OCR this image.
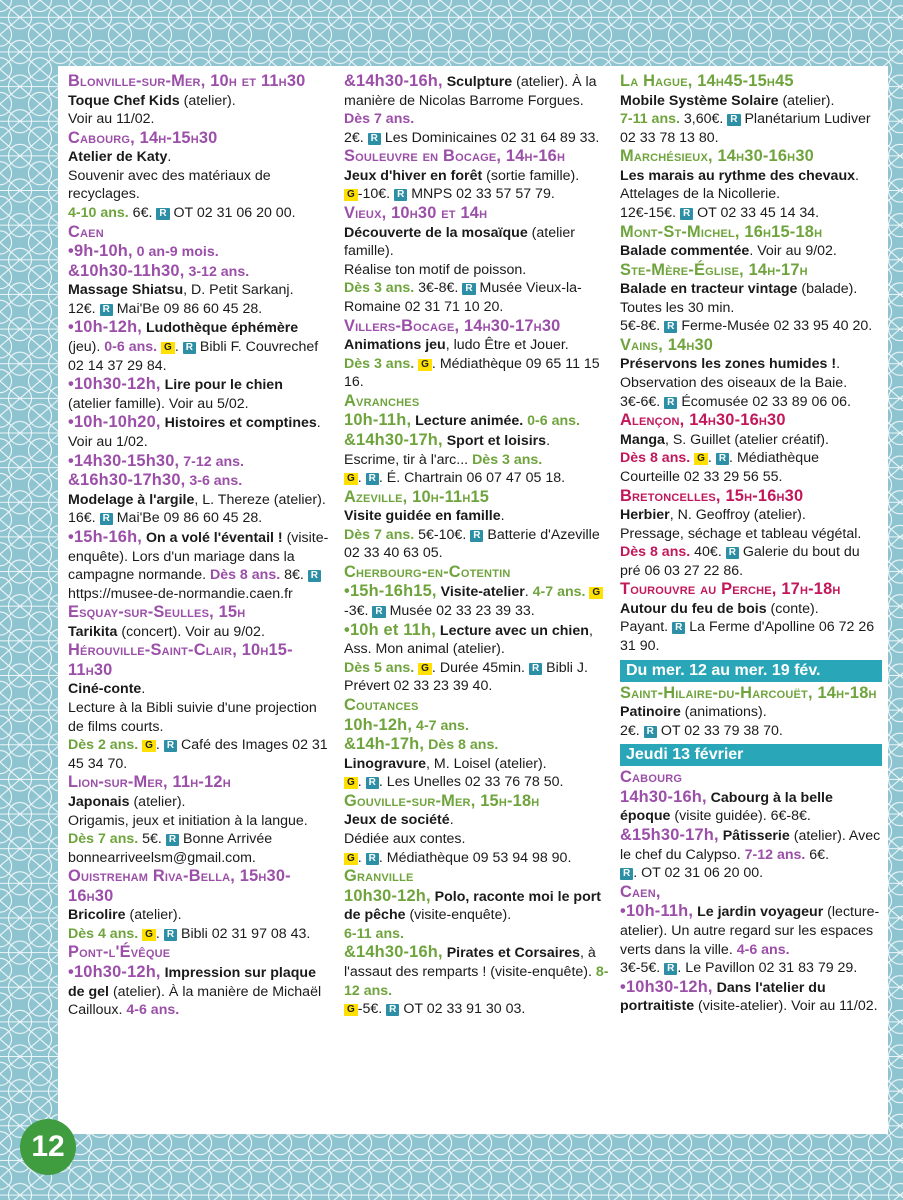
Blonville-sur-Mer, 10h et 11h30

Toque Chef Kids (atelier).

Voir au 11/02.

Cabourg, 14h-15h30

Atelier de Katy.

Souvenir avec des matériaux de recyclages.

4-10 ans. 6€. R OT 02 31 06 20 00.

Caen

•9h-10h, 0 an-9 mois.

&10h30-11h30, 3-12 ans.

Massage Shiatsu, D. Petit Sarkanj.

12€. R Mai'Be 09 86 60 45 28.

•10h-12h, Ludothèque éphémère (jeu). 0-6 ans. G . R Bibli F. Couvrechef 02 14 37 29 84.

•10h30-12h, Lire pour le chien (atelier famille). Voir au 5/02.

•10h-10h20, Histoires et comptines. Voir au 1/02.

•14h30-15h30, 7-12 ans.

&16h30-17h30, 3-6 ans.

Modelage à l'argile, L. Thereze (atelier).

16€. R Mai'Be 09 86 60 45 28.

•15h-16h, On a volé l'éventail ! (visite-enquête). Lors d'un mariage dans la campagne normande. Dès 8 ans. 8€. R https://musee-de-normandie.caen.fr

Esquay-sur-Seulles, 15h

Tarikita (concert). Voir au 9/02.

Hérouville-Saint-Clair, 10h15-11h30

Ciné-conte.

Lecture à la Bibli suivie d'une projection de films courts.

Dès 2 ans. G . R Café des Images 02 31 45 34 70.

Lion-sur-Mer, 11h-12h

Japonais (atelier).

Origamis, jeux et initiation à la langue.

Dès 7 ans. 5€. R Bonne Arrivée bonnearriveelsm@gmail.com.

Ouistreham Riva-Bella, 15h30-16h30

Bricolire (atelier).

Dès 4 ans. G . R Bibli 02 31 97 08 43.

Pont-l'Évêque

•10h30-12h, Impression sur plaque de gel (atelier). À la manière de Michaël Cailloux. 4-6 ans.

&14h30-16h, Sculpture (atelier). À la manière de Nicolas Barrome Forgues. Dès 7 ans.

2€. R Les Dominicaines 02 31 64 89 33.

Souleuvre en Bocage, 14h-16h

Jeux d'hiver en forêt (sortie famille).

G -10€. R MNPS 02 33 57 57 79.

Vieux, 10h30 et 14h

Découverte de la mosaïque (atelier famille).

Réalise ton motif de poisson.

Dès 3 ans. 3€-8€. R Musée Vieux-la-Romaine 02 31 71 10 20.

Villers-Bocage, 14h30-17h30

Animations jeu, ludo Être et Jouer.

Dès 3 ans. G . Médiathèque 09 65 11 15 16.

Avranches

10h-11h, Lecture animée. 0-6 ans.

&14h30-17h, Sport et loisirs.

Escrime, tir à l'arc... Dès 3 ans.

G . R . É. Chartrain 06 07 47 05 18.

Azeville, 10h-11h15

Visite guidée en famille.

Dès 7 ans. 5€-10€. R Batterie d'Azeville 02 33 40 63 05.

Cherbourg-en-Cotentin

•15h-16h15, Visite-atelier. 4-7 ans. G-3€. R Musée 02 33 23 39 33.

•10h et 11h, Lecture avec un chien, Ass. Mon animal (atelier).

Dès 5 ans. G . Durée 45min. R Bibli J. Prévert 02 33 23 39 40.

Coutances

10h-12h, 4-7 ans.

&14h-17h, Dès 8 ans.

Linogravure, M. Loisel (atelier).

G . R . Les Unelles 02 33 76 78 50.

Gouville-sur-Mer, 15h-18h

Jeux de société.

Dédiée aux contes.

G . R . Médiathèque 09 53 94 98 90.

Granville

10h30-12h, Polo, raconte moi le port de pêche (visite-enquête).

6-11 ans.

&14h30-16h, Pirates et Corsaires, à l'assaut des remparts ! (visite-enquête). 8-12 ans.

G -5€. R OT 02 33 91 30 03.

La Hague, 14h45-15h45

Mobile Système Solaire (atelier).

7-11 ans. 3,60€. R Planétarium Ludiver 02 33 78 13 80.

Marchésieux, 14h30-16h30

Les marais au rythme des chevaux.

Attelages de la Nicollerie.

12€-15€. R OT 02 33 45 14 34.

Mont-St-Michel, 16h15-18h

Balade commentée. Voir au 9/02.

Ste-Mère-Église, 14h-17h

Balade en tracteur vintage (balade).

Toutes les 30 min.

5€-8€. R Ferme-Musée 02 33 95 40 20.

Vains, 14h30

Préservons les zones humides !.

Observation des oiseaux de la Baie.

3€-6€. R Écomusée 02 33 89 06 06.

Alençon, 14h30-16h30

Manga, S. Guillet (atelier créatif).

Dès 8 ans. G . R . Médiathèque Courteille 02 33 29 56 55.

Bretoncelles, 15h-16h30

Herbier, N. Geoffroy (atelier).

Pressage, séchage et tableau végétal.

Dès 8 ans. 40€. R Galerie du bout du pré 06 03 27 22 86.

Tourouvre au Perche, 17h-18h

Autour du feu de bois (conte).

Payant. R La Ferme d'Apolline 06 72 26 31 90.

Du mer. 12 au mer. 19 fév.

Saint-Hilaire-du-Harcouët, 14h-18h

Patinoire (animations).

2€. R OT 02 33 79 38 70.

Jeudi 13 février

Cabourg

14h30-16h, Cabourg à la belle époque (visite guidée). 6€-8€.

&15h30-17h, Pâtisserie (atelier). Avec le chef du Calypso. 7-12 ans. 6€.

R . OT 02 31 06 20 00.

Caen,

•10h-11h, Le jardin voyageur (lecture-atelier). Un autre regard sur les espaces verts dans la ville. 4-6 ans.

3€-5€. R . Le Pavillon 02 31 83 79 29.

•10h30-12h, Dans l'atelier du portraitiste (visite-atelier). Voir au 11/02.

12
